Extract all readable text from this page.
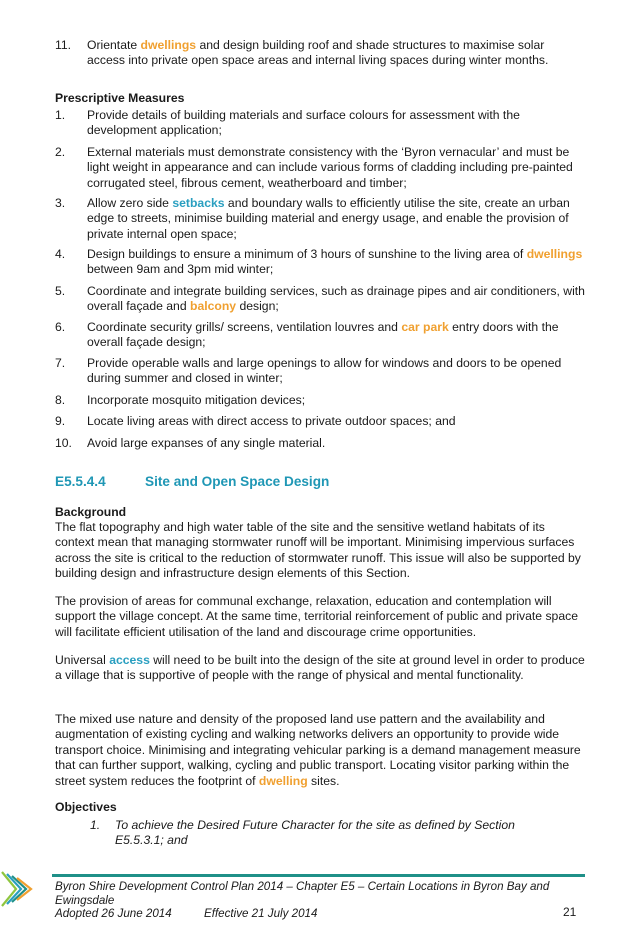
11.	Orientate dwellings and design building roof and shade structures to maximise solar access into private open space areas and internal living spaces during winter months.
Prescriptive Measures
1.	Provide details of building materials and surface colours for assessment with the development application;
2.	External materials must demonstrate consistency with the ‘Byron vernacular’ and must be light weight in appearance and can include various forms of cladding including pre-painted corrugated steel, fibrous cement, weatherboard and timber;
3.	Allow zero side setbacks and boundary walls to efficiently utilise the site, create an urban edge to streets, minimise building material and energy usage, and enable the provision of private internal open space;
4.	Design buildings to ensure a minimum of 3 hours of sunshine to the living area of dwellings between 9am and 3pm mid winter;
5.	Coordinate and integrate building services, such as drainage pipes and air conditioners, with overall façade and balcony design;
6.	Coordinate security grills/ screens, ventilation louvres and car park entry doors with the overall façade design;
7.	Provide operable walls and large openings to allow for windows and doors to be opened during summer and closed in winter;
8.	Incorporate mosquito mitigation devices;
9.	Locate living areas with direct access to private outdoor spaces; and
10.	Avoid large expanses of any single material.
E5.5.4.4	Site and Open Space Design
Background
The flat topography and high water table of the site and the sensitive wetland habitats of its context mean that managing stormwater runoff will be important. Minimising impervious surfaces across the site is critical to the reduction of stormwater runoff. This issue will also be supported by building design and infrastructure design elements of this Section.
The provision of areas for communal exchange, relaxation, education and contemplation will support the village concept. At the same time, territorial reinforcement of public and private space will facilitate efficient utilisation of the land and discourage crime opportunities.
Universal access will need to be built into the design of the site at ground level in order to produce a village that is supportive of people with the range of physical and mental functionality.
The mixed use nature and density of the proposed land use pattern and the availability and augmentation of existing cycling and walking networks delivers an opportunity to provide wide transport choice. Minimising and integrating vehicular parking is a demand management measure that can further support, walking, cycling and public transport. Locating visitor parking within the street system reduces the footprint of dwelling sites.
Objectives
1. To achieve the Desired Future Character for the site as defined by Section E5.5.3.1; and
Byron Shire Development Control Plan 2014 – Chapter E5 – Certain Locations in Byron Bay and Ewingsdale
Adopted 26 June 2014	Effective 21 July 2014	21
